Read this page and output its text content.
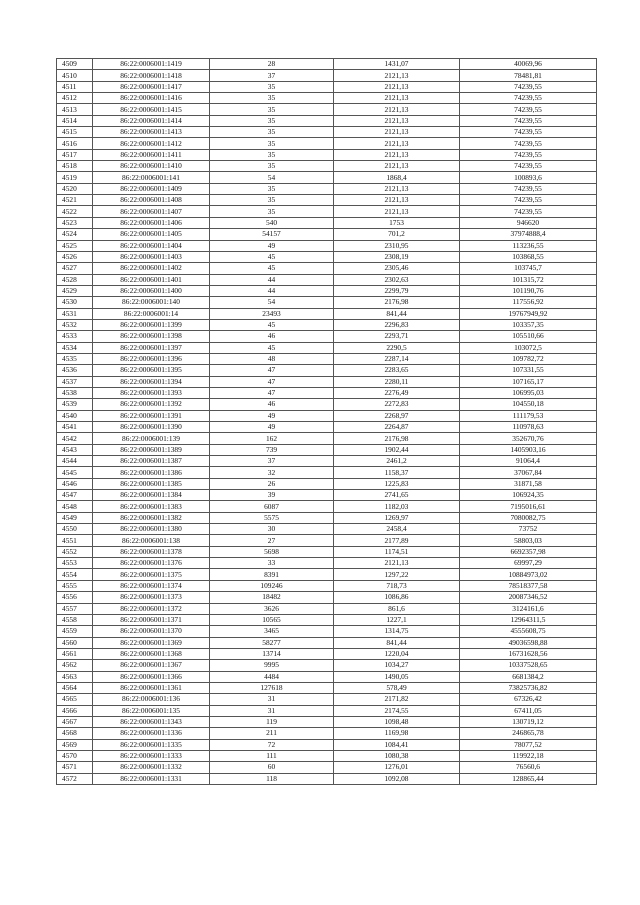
4509	86:22:0006001:1419	28	1431,07	40069,96
4510	86:22:0006001:1418	37	2121,13	78481,81
4511	86:22:0006001:1417	35	2121,13	74239,55
4512	86:22:0006001:1416	35	2121,13	74239,55
4513	86:22:0006001:1415	35	2121,13	74239,55
4514	86:22:0006001:1414	35	2121,13	74239,55
4515	86:22:0006001:1413	35	2121,13	74239,55
4516	86:22:0006001:1412	35	2121,13	74239,55
4517	86:22:0006001:1411	35	2121,13	74239,55
4518	86:22:0006001:1410	35	2121,13	74239,55
4519	86:22:0006001:141	54	1868,4	100893,6
4520	86:22:0006001:1409	35	2121,13	74239,55
4521	86:22:0006001:1408	35	2121,13	74239,55
4522	86:22:0006001:1407	35	2121,13	74239,55
4523	86:22:0006001:1406	540	1753	946620
4524	86:22:0006001:1405	54157	701,2	37974888,4
4525	86:22:0006001:1404	49	2310,95	113236,55
4526	86:22:0006001:1403	45	2308,19	103868,55
4527	86:22:0006001:1402	45	2305,46	103745,7
4528	86:22:0006001:1401	44	2302,63	101315,72
4529	86:22:0006001:1400	44	2299,79	101190,76
4530	86:22:0006001:140	54	2176,98	117556,92
4531	86:22:0006001:14	23493	841,44	19767949,92
4532	86:22:0006001:1399	45	2296,83	103357,35
4533	86:22:0006001:1398	46	2293,71	105510,66
4534	86:22:0006001:1397	45	2290,5	103072,5
4535	86:22:0006001:1396	48	2287,14	109782,72
4536	86:22:0006001:1395	47	2283,65	107331,55
4537	86:22:0006001:1394	47	2280,11	107165,17
4538	86:22:0006001:1393	47	2276,49	106995,03
4539	86:22:0006001:1392	46	2272,83	104550,18
4540	86:22:0006001:1391	49	2268,97	111179,53
4541	86:22:0006001:1390	49	2264,87	110978,63
4542	86:22:0006001:139	162	2176,98	352670,76
4543	86:22:0006001:1389	739	1902,44	1405903,16
4544	86:22:0006001:1387	37	2461,2	91064,4
4545	86:22:0006001:1386	32	1158,37	37067,84
4546	86:22:0006001:1385	26	1225,83	31871,58
4547	86:22:0006001:1384	39	2741,65	106924,35
4548	86:22:0006001:1383	6087	1182,03	7195016,61
4549	86:22:0006001:1382	5575	1269,97	7080082,75
4550	86:22:0006001:1380	30	2458,4	73752
4551	86:22:0006001:138	27	2177,89	58803,03
4552	86:22:0006001:1378	5698	1174,51	6692357,98
4553	86:22:0006001:1376	33	2121,13	69997,29
4554	86:22:0006001:1375	8391	1297,22	10884973,02
4555	86:22:0006001:1374	109246	718,73	78518377,58
4556	86:22:0006001:1373	18482	1086,86	20087346,52
4557	86:22:0006001:1372	3626	861,6	3124161,6
4558	86:22:0006001:1371	10565	1227,1	12964311,5
4559	86:22:0006001:1370	3465	1314,75	4555608,75
4560	86:22:0006001:1369	58277	841,44	49036598,88
4561	86:22:0006001:1368	13714	1220,04	16731628,56
4562	86:22:0006001:1367	9995	1034,27	10337528,65
4563	86:22:0006001:1366	4484	1490,05	6681384,2
4564	86:22:0006001:1361	127618	578,49	73825736,82
4565	86:22:0006001:136	31	2171,82	67326,42
4566	86:22:0006001:135	31	2174,55	67411,05
4567	86:22:0006001:1343	119	1098,48	130719,12
4568	86:22:0006001:1336	211	1169,98	246865,78
4569	86:22:0006001:1335	72	1084,41	78077,52
4570	86:22:0006001:1333	111	1080,38	119922,18
4571	86:22:0006001:1332	60	1276,01	76560,6
4572	86:22:0006001:1331	118	1092,08	128865,44
